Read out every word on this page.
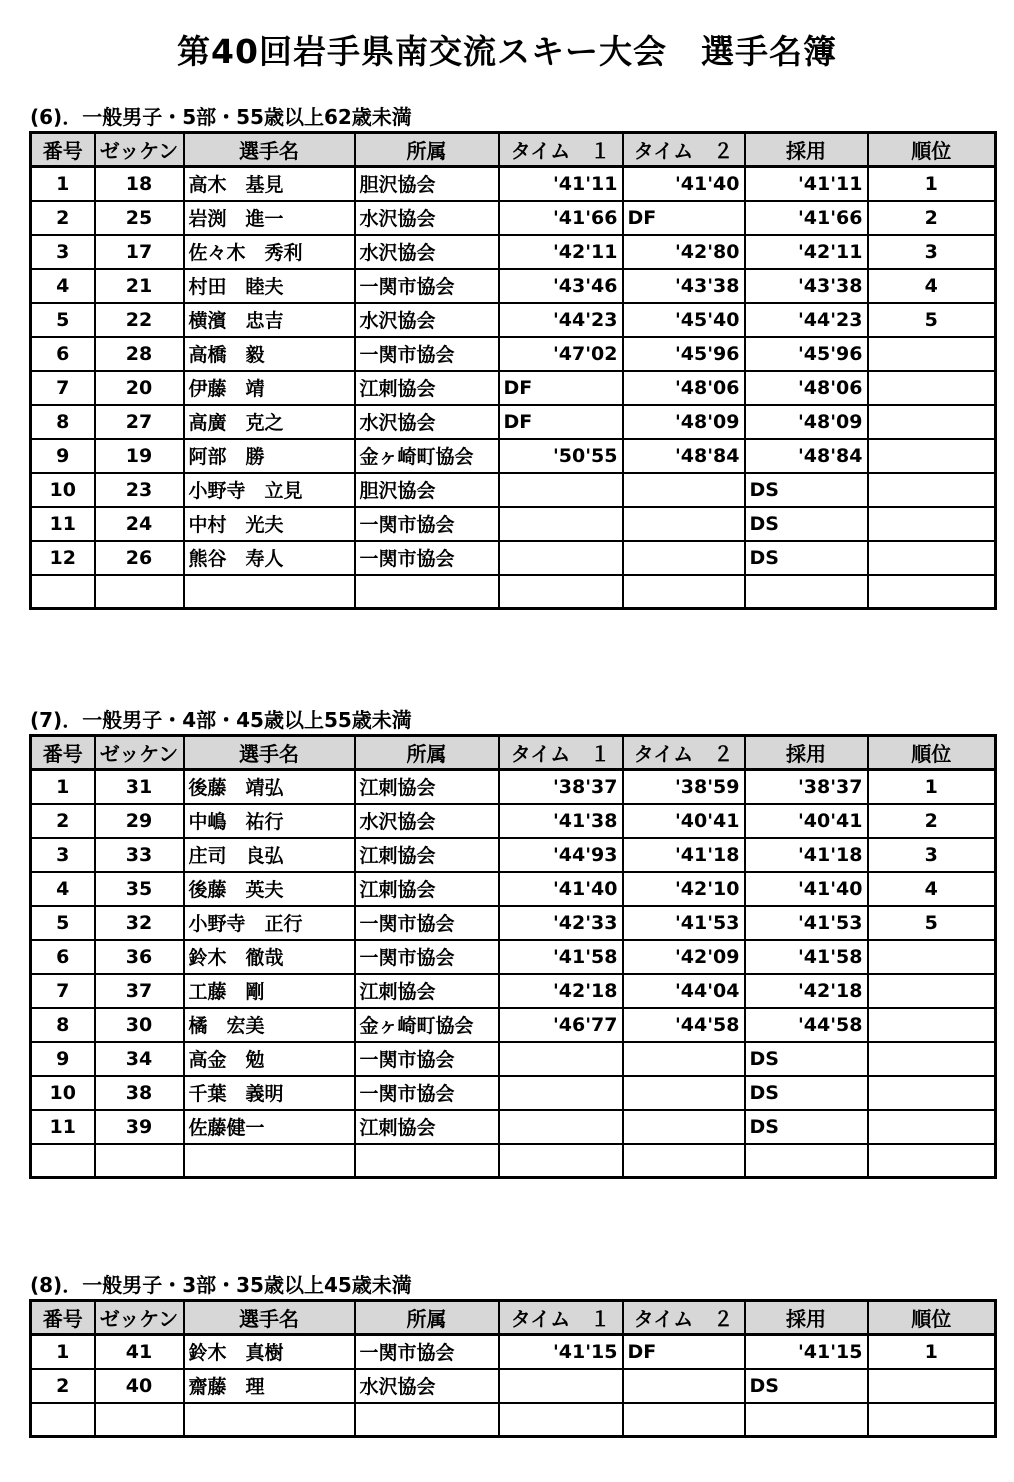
第40回岩手県南交流スキー大会　選手名簿
(6)．一般男子・5部・55歳以上62歳未満
番号	ゼッケン	選手名	所属	タイム　１	タイム　２	採用	順位
1	18	高木　基見	胆沢協会	'41'11	'41'40	'41'11	1
2	25	岩渕　進一	水沢協会	'41'66	DF	'41'66	2
3	17	佐々木　秀利	水沢協会	'42'11	'42'80	'42'11	3
4	21	村田　睦夫	一関市協会	'43'46	'43'38	'43'38	4
5	22	横濱　忠吉	水沢協会	'44'23	'45'40	'44'23	5
6	28	高橋　毅	一関市協会	'47'02	'45'96	'45'96	
7	20	伊藤　靖	江刺協会	DF	'48'06	'48'06	
8	27	高廣　克之	水沢協会	DF	'48'09	'48'09	
9	19	阿部　勝	金ヶ崎町協会	'50'55	'48'84	'48'84	
10	23	小野寺　立見	胆沢協会			DS	

11	24	中村　光夫	一関市協会			DS	

12	26	熊谷　寿人	一関市協会			DS	

(7)．一般男子・4部・45歳以上55歳未満
番号	ゼッケン	選手名	所属	タイム　１	タイム　２	採用	順位
1	31	後藤　靖弘	江刺協会	'38'37	'38'59	'38'37	1
2	29	中嶋　祐行	水沢協会	'41'38	'40'41	'40'41	2
3	33	庄司　良弘	江刺協会	'44'93	'41'18	'41'18	3
4	35	後藤　英夫	江刺協会	'41'40	'42'10	'41'40	4
5	32	小野寺　正行	一関市協会	'42'33	'41'53	'41'53	5
6	36	鈴木　徹哉	一関市協会	'41'58	'42'09	'41'58	
7	37	工藤　剛	江刺協会	'42'18	'44'04	'42'18	
8	30	橘　宏美	金ヶ崎町協会	'46'77	'44'58	'44'58	
9	34	高金　勉	一関市協会			DS	

10	38	千葉　義明	一関市協会			DS	

11	39	佐藤健一	江刺協会			DS	

(8)．一般男子・3部・35歳以上45歳未満
番号	ゼッケン	選手名	所属	タイム　１	タイム　２	採用	順位
1	41	鈴木　真樹	一関市協会	'41'15	DF	'41'15	1
2	40	齋藤　理	水沢協会			DS	
